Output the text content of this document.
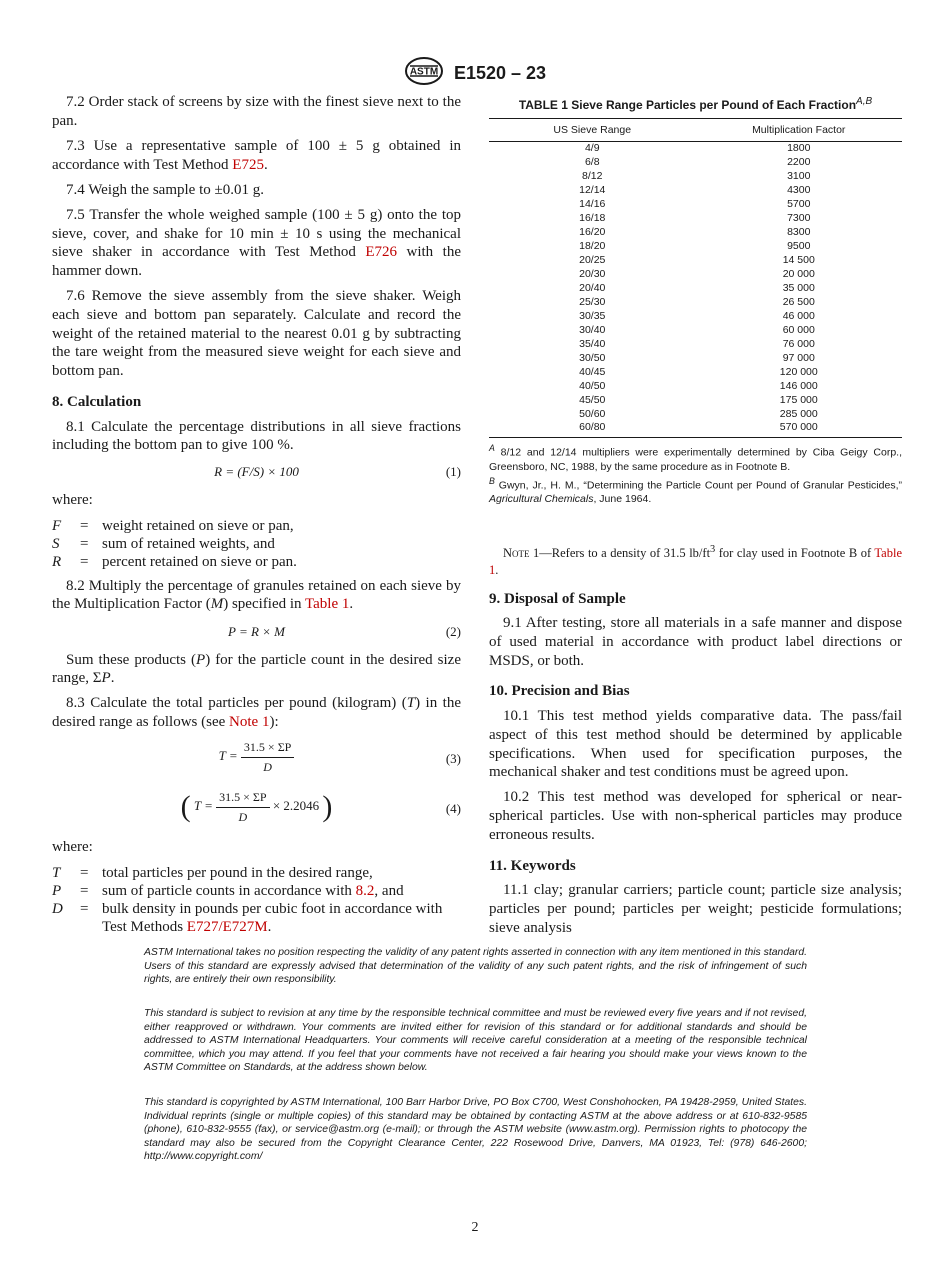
ASTM E1520 – 23

7.2 Order stack of screens by size with the finest sieve next to the pan.

7.3 Use a representative sample of 100 ± 5 g obtained in accordance with Test Method E725.

7.4 Weigh the sample to ±0.01 g.

7.5 Transfer the whole weighed sample (100 ± 5 g) onto the top sieve, cover, and shake for 10 min ± 10 s using the mechanical sieve shaker in accordance with Test Method E726 with the hammer down.

7.6 Remove the sieve assembly from the sieve shaker. Weigh each sieve and bottom pan separately. Calculate and record the weight of the retained material to the nearest 0.01 g by subtracting the tare weight from the measured sieve weight for each sieve and bottom pan.

8. Calculation

8.1 Calculate the percentage distributions in all sieve fractions including the bottom pan to give 100 %.

R = (F/S) × 100	(1)

where:

F	= weight retained on sieve or pan,
S	= sum of retained weights, and
R	= percent retained on sieve or pan.

8.2 Multiply the percentage of granules retained on each sieve by the Multiplication Factor (M) specified in Table 1.

P = R × M	(2)

Sum these products (P) for the particle count in the desired size range, ΣP.

8.3 Calculate the total particles per pound (kilogram) (T) in the desired range as follows (see Note 1):

$T = \frac{31.5 \times \Sigma P}{D}$	(3)
( $T = \frac{31.5 \times \Sigma P}{D} \times 2.2046$ )	(4)

where:

T	= total particles per pound in the desired range,
P	= sum of particle counts in accordance with 8.2, and
D	= bulk density in pounds per cubic foot in accordance with Test Methods E727/E727M.
TABLE 1 Sieve Range Particles per Pound of Each Fraction$^{A,B}$
US Sieve Range	Multiplication Factor
4/9	1800
6/8	2200
8/12	3100
12/14	4300
14/16	5700
16/18	7300
16/20	8300
18/20	9500
20/25	14 500
20/30	20 000
20/40	35 000
25/30	26 500
30/35	46 000
30/40	60 000
35/40	76 000
30/50	97 000
40/45	120 000
40/50	146 000
45/50	175 000
50/60	285 000
60/80	570 000
$^A$ 8/12 and 12/14 multipliers were experimentally determined by Ciba Geigy Corp., Greensboro, NC, 1988, by the same procedure as in Footnote B.
$^B$ Gwyn, Jr., H. M., “Determining the Particle Count per Pound of Granular Pesticides,” Agricultural Chemicals, June 1964.
Note 1—Refers to a density of 31.5 $lb/ft^3$ for clay used in Footnote B of Table 1.
9. Disposal of Sample

9.1 After testing, store all materials in a safe manner and dispose of used material in accordance with product label directions or MSDS, or both.

10. Precision and Bias

10.1 This test method yields comparative data. The pass/fail aspect of this test method should be determined by applicable specifications. When used for specification purposes, the mechanical shaker and test conditions must be agreed upon.

10.2 This test method was developed for spherical or near-spherical particles. Use with non-spherical particles may produce erroneous results.

11. Keywords

11.1 clay; granular carriers; particle count; particle size analysis; particles per pound; particles per weight; pesticide formulations; sieve analysis

ASTM International takes no position respecting the validity of any patent rights asserted in connection with any item mentioned in this standard. Users of this standard are expressly advised that determination of the validity of any such patent rights, and the risk of infringement of such rights, are entirely their own responsibility.
This standard is subject to revision at any time by the responsible technical committee and must be reviewed every five years and if not revised, either reapproved or withdrawn. Your comments are invited either for revision of this standard or for additional standards and should be addressed to ASTM International Headquarters. Your comments will receive careful consideration at a meeting of the responsible technical committee, which you may attend. If you feel that your comments have not received a fair hearing you should make your views known to the ASTM Committee on Standards, at the address shown below.
This standard is copyrighted by ASTM International, 100 Barr Harbor Drive, PO Box C700, West Conshohocken, PA 19428-2959, United States. Individual reprints (single or multiple copies) of this standard may be obtained by contacting ASTM at the above address or at 610-832-9585 (phone), 610-832-9555 (fax), or service@astm.org (e-mail); or through the ASTM website (www.astm.org). Permission rights to photocopy the standard may also be secured from the Copyright Clearance Center, 222 Rosewood Drive, Danvers, MA 01923, Tel: (978) 646-2600; http://www.copyright.com/
2
